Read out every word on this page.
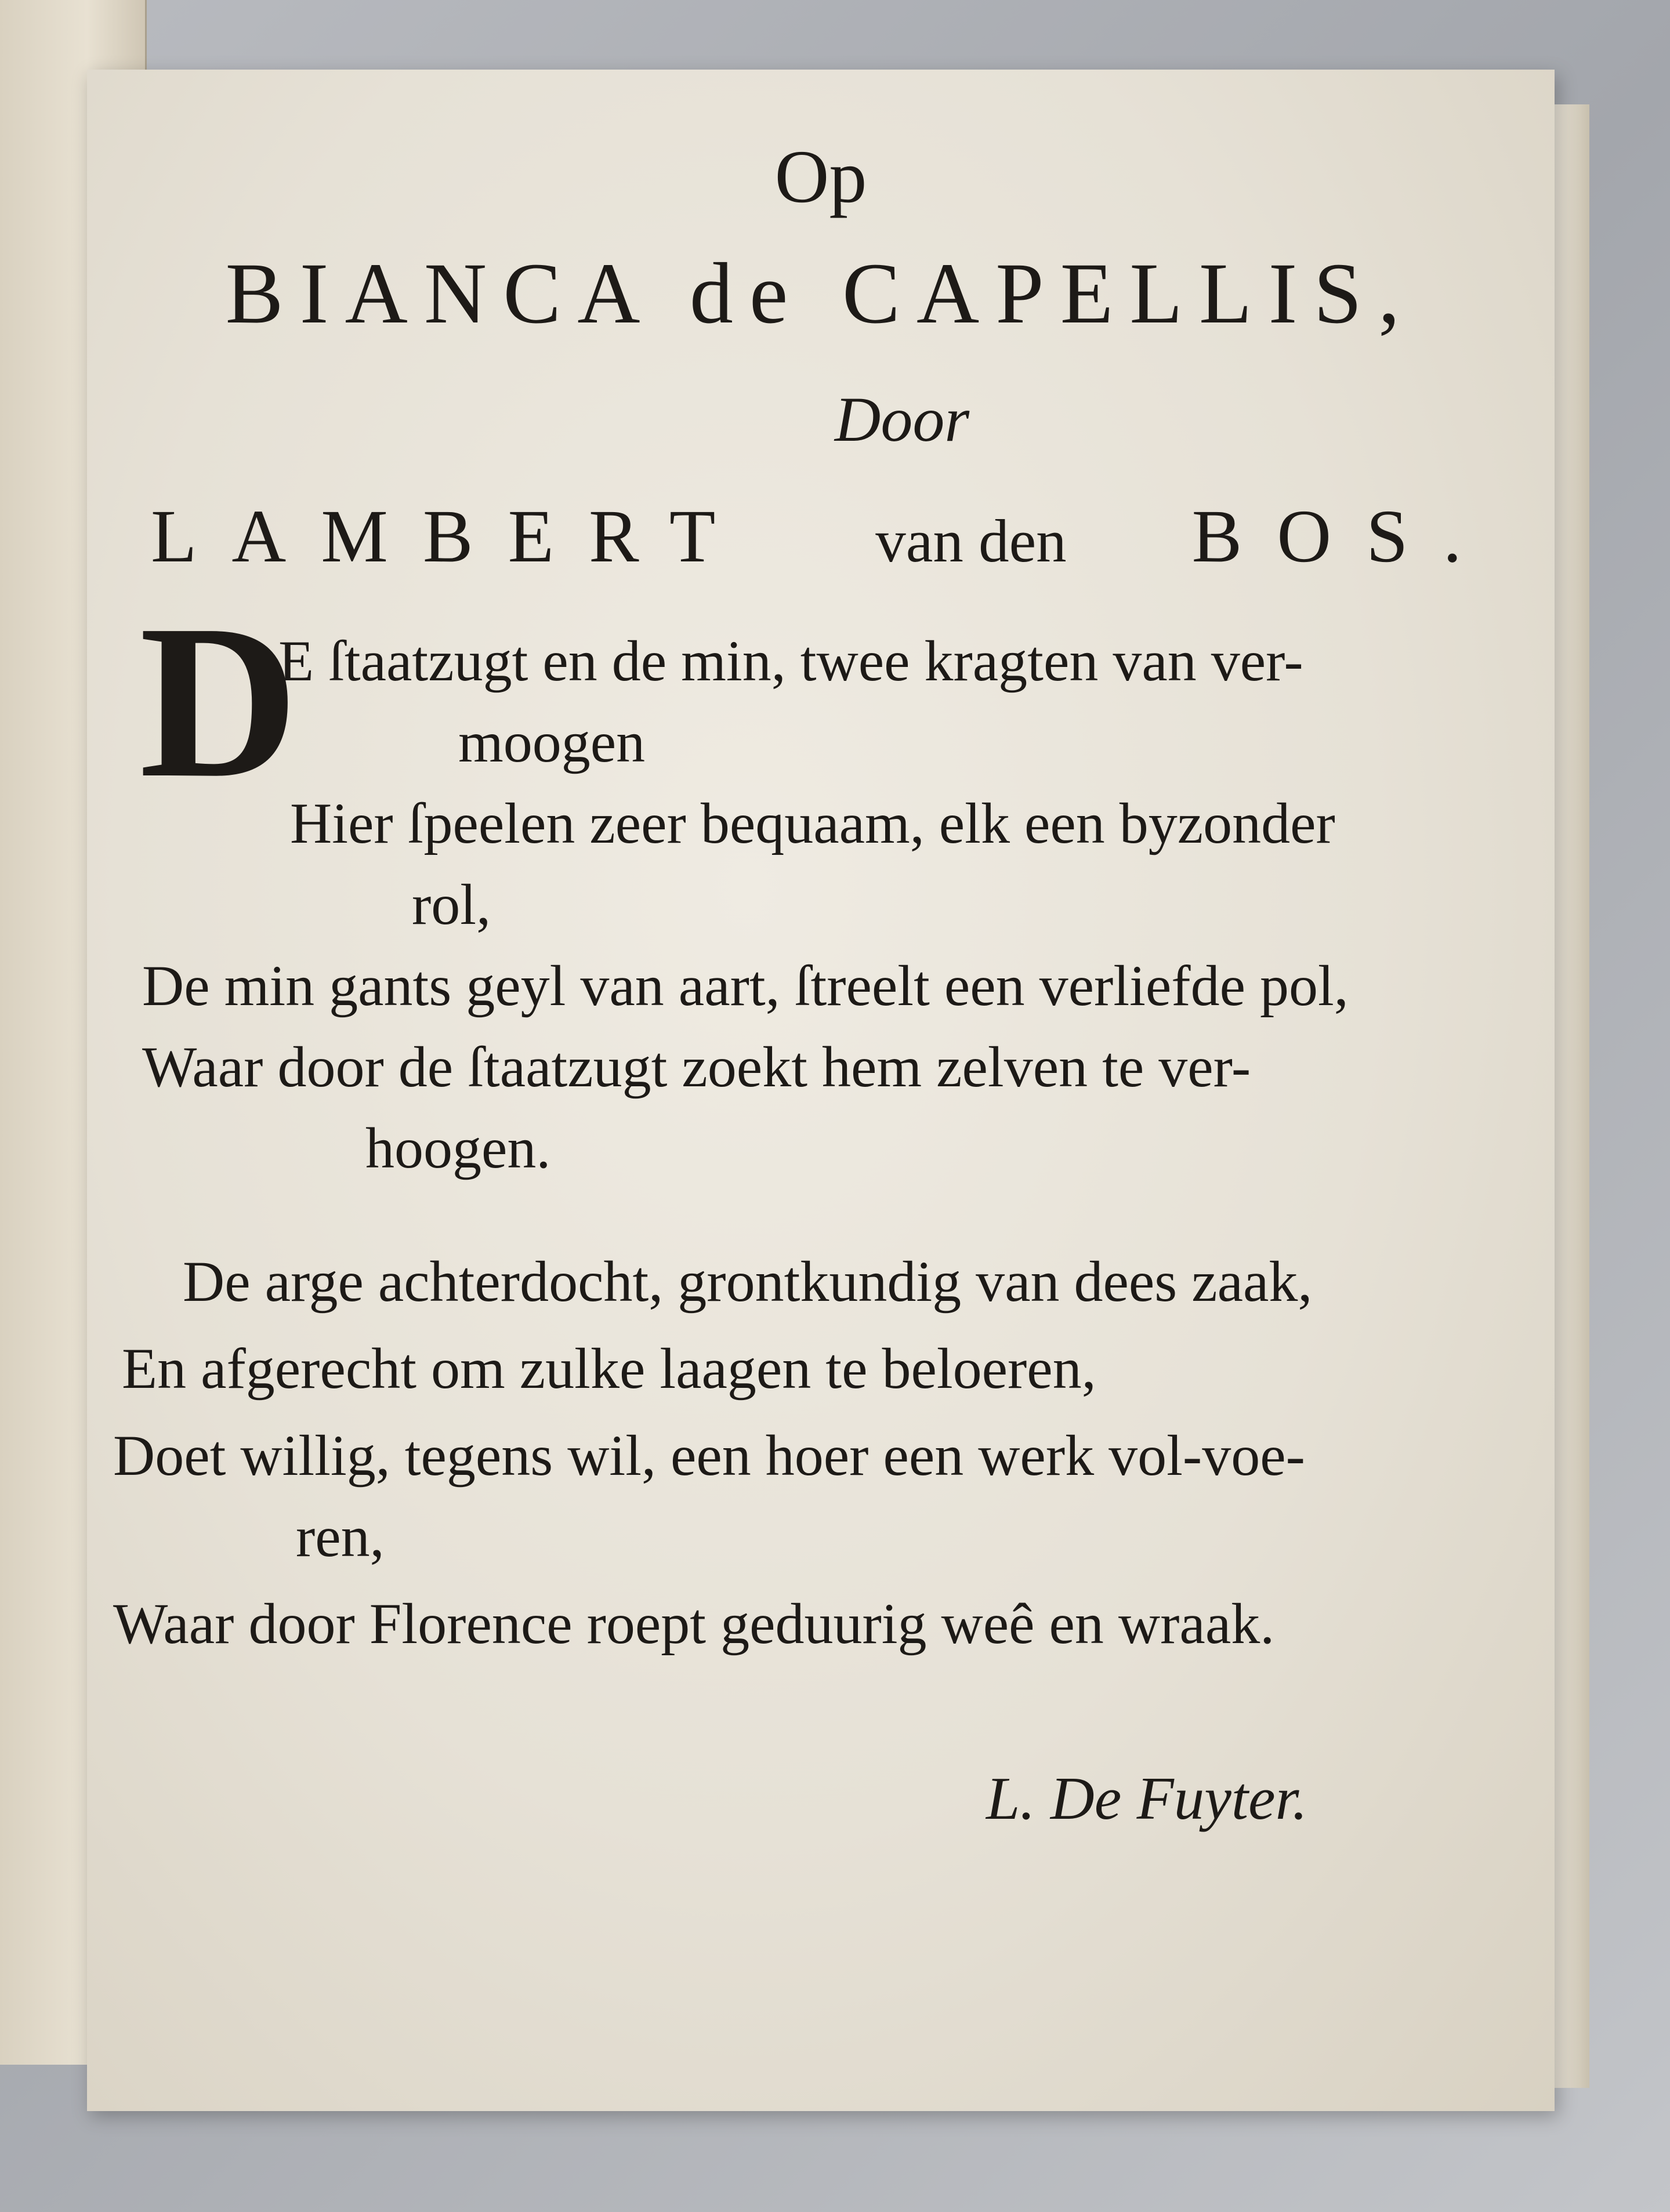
Op
BIANCA de CAPELLIS,
Door
LAMBERT van den BOS.
D
E ſtaatzugt en de min, twee kragten van ver-
moogen
Hier ſpeelen zeer bequaam, elk een byzonder
rol,
De min gants geyl van aart, ſtreelt een verliefde pol,
Waar door de ſtaatzugt zoekt hem zelven te ver-
hoogen.
De arge achterdocht, grontkundig van dees zaak,
En afgerecht om zulke laagen te beloeren,
Doet willig, tegens wil, een hoer een werk vol-voe-
ren,
Waar door Florence roept geduurig weê en wraak.
L. De Fuyter.
